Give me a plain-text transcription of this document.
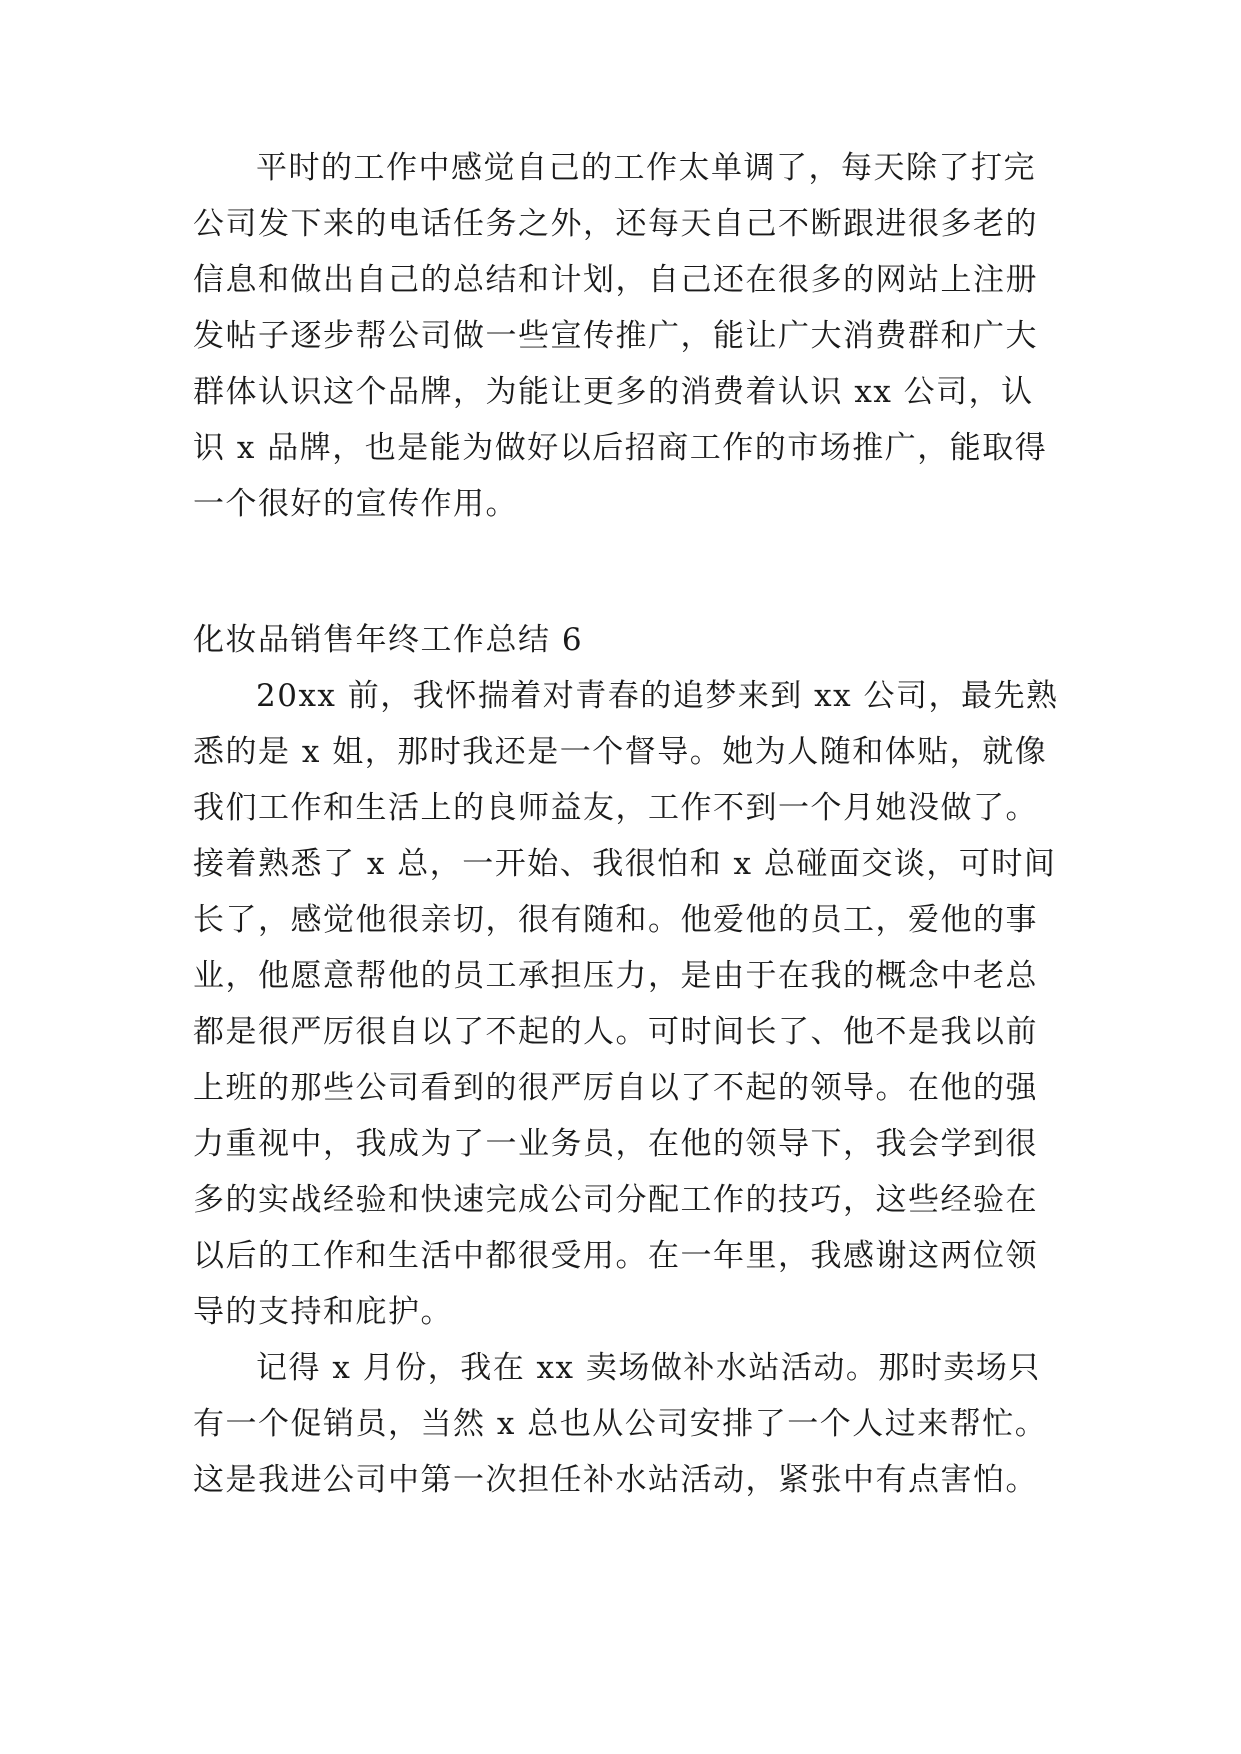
平时的工作中感觉自己的工作太单调了，每天除了打完
公司发下来的电话任务之外，还每天自己不断跟进很多老的
信息和做出自己的总结和计划，自己还在很多的网站上注册
发帖子逐步帮公司做一些宣传推广，能让广大消费群和广大
群体认识这个品牌，为能让更多的消费着认识 xx 公司，认
识 x 品牌，也是能为做好以后招商工作的市场推广，能取得
一个很好的宣传作用。
化妆品销售年终工作总结 6
20xx 前，我怀揣着对青春的追梦来到 xx 公司，最先熟
悉的是 x 姐，那时我还是一个督导。她为人随和体贴，就像
我们工作和生活上的良师益友，工作不到一个月她没做了。
接着熟悉了 x 总，一开始、我很怕和 x 总碰面交谈，可时间
长了，感觉他很亲切，很有随和。他爱他的员工，爱他的事
业，他愿意帮他的员工承担压力，是由于在我的概念中老总
都是很严厉很自以了不起的人。可时间长了、他不是我以前
上班的那些公司看到的很严厉自以了不起的领导。在他的强
力重视中，我成为了一业务员，在他的领导下，我会学到很
多的实战经验和快速完成公司分配工作的技巧，这些经验在
以后的工作和生活中都很受用。在一年里，我感谢这两位领
导的支持和庇护。
记得 x 月份，我在 xx 卖场做补水站活动。那时卖场只
有一个促销员，当然 x 总也从公司安排了一个人过来帮忙。
这是我进公司中第一次担任补水站活动，紧张中有点害怕。
